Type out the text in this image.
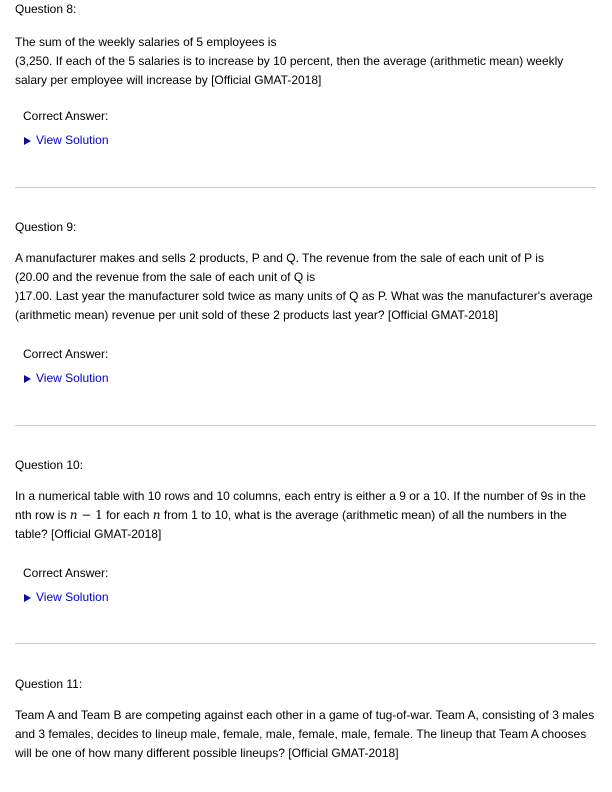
Question 8:

The sum of the weekly salaries of 5 employees is

(3,250. If each of the 5 salaries is to increase by 10 percent, then the average (arithmetic mean) weekly

salary per employee will increase by [Official GMAT-2018]

Correct Answer:

View Solution

Question 9:

A manufacturer makes and sells 2 products, P and Q. The revenue from the sale of each unit of P is

(20.00 and the revenue from the sale of each unit of Q is

)17.00. Last year the manufacturer sold twice as many units of Q as P. What was the manufacturer's average

(arithmetic mean) revenue per unit sold of these 2 products last year? [Official GMAT-2018]

Correct Answer:

View Solution

Question 10:

In a numerical table with 10 rows and 10 columns, each entry is either a 9 or a 10. If the number of 9s in the

nth row is n − 1 for each n from 1 to 10, what is the average (arithmetic mean) of all the numbers in the

table? [Official GMAT-2018]

Correct Answer:

View Solution

Question 11:

Team A and Team B are competing against each other in a game of tug-of-war. Team A, consisting of 3 males

and 3 females, decides to lineup male, female, male, female, male, female. The lineup that Team A chooses

will be one of how many different possible lineups? [Official GMAT-2018]
